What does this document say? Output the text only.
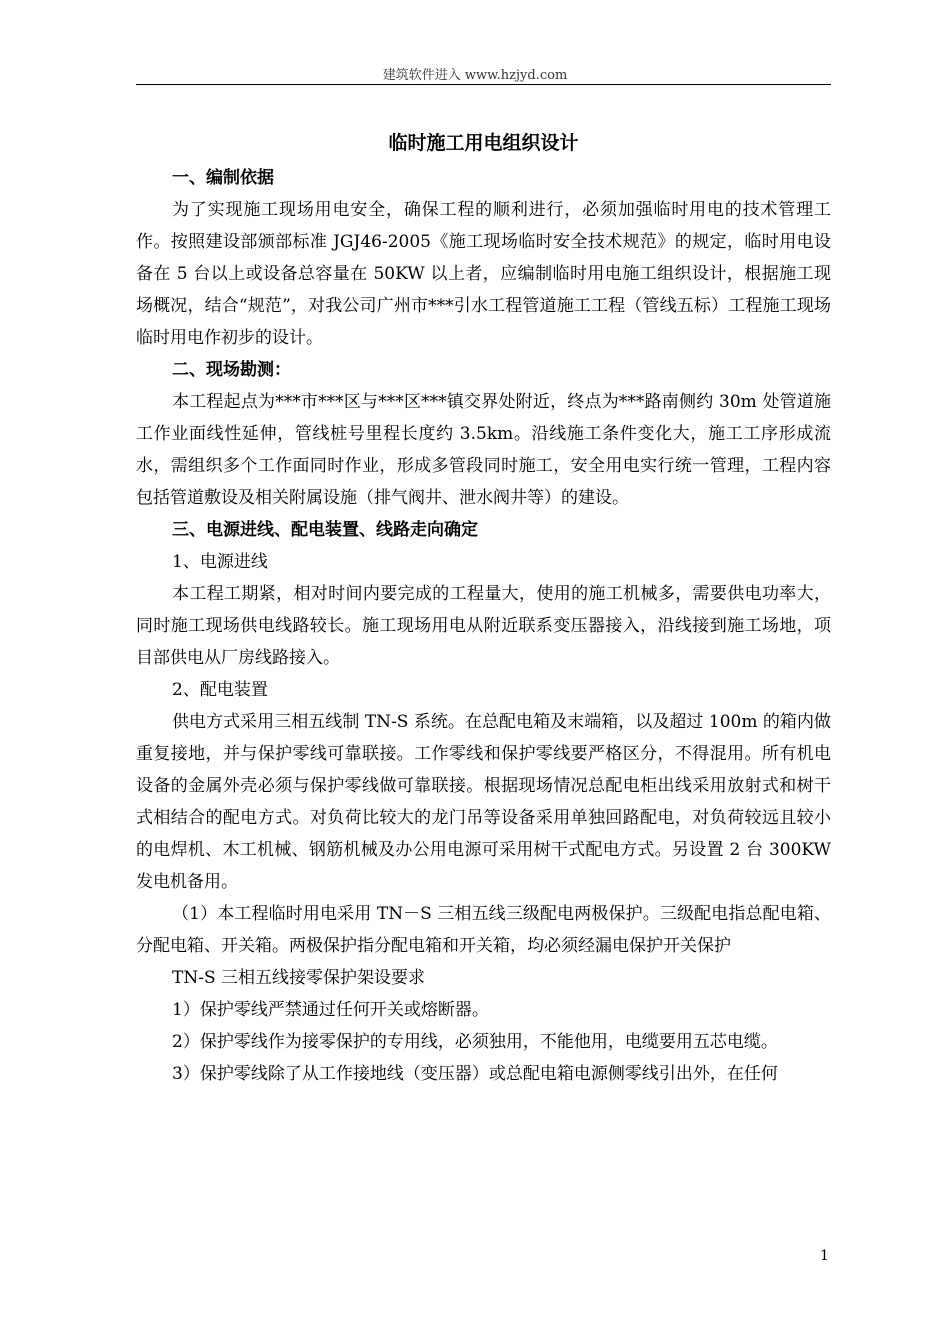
建筑软件进入 www.hzjyd.com

临时施工用电组织设计

一、编制依据

为了实现施工现场用电安全，确保工程的顺利进行，必须加强临时用电的技术管理工作。按照建设部颁部标准 JGJ46-2005《施工现场临时安全技术规范》的规定，临时用电设备在 5 台以上或设备总容量在 50KW 以上者，应编制临时用电施工组织设计，根据施工现场概况，结合“规范”，对我公司广州市***引水工程管道施工工程（管线五标）工程施工现场临时用电作初步的设计。

二、现场勘测：

本工程起点为***市***区与***区***镇交界处附近，终点为***路南侧约 30m 处管道施工作业面线性延伸，管线桩号里程长度约 3.5km。沿线施工条件变化大，施工工序形成流水，需组织多个工作面同时作业，形成多管段同时施工，安全用电实行统一管理，工程内容包括管道敷设及相关附属设施（排气阀井、泄水阀井等）的建设。

三、电源进线、配电装置、线路走向确定

1、电源进线

本工程工期紧，相对时间内要完成的工程量大，使用的施工机械多，需要供电功率大，同时施工现场供电线路较长。施工现场用电从附近联系变压器接入，沿线接到施工场地，项目部供电从厂房线路接入。

2、配电装置

供电方式采用三相五线制 TN-S 系统。在总配电箱及末端箱，以及超过 100m 的箱内做重复接地，并与保护零线可靠联接。工作零线和保护零线要严格区分，不得混用。所有机电设备的金属外壳必须与保护零线做可靠联接。根据现场情况总配电柜出线采用放射式和树干式相结合的配电方式。对负荷比较大的龙门吊等设备采用单独回路配电，对负荷较远且较小的电焊机、木工机械、钢筋机械及办公用电源可采用树干式配电方式。另设置 2 台 300KW 发电机备用。

（1）本工程临时用电采用 TN－S 三相五线三级配电两极保护。三级配电指总配电箱、分配电箱、开关箱。两极保护指分配电箱和开关箱，均必须经漏电保护开关保护

TN-S 三相五线接零保护架设要求

1）保护零线严禁通过任何开关或熔断器。

2）保护零线作为接零保护的专用线，必须独用，不能他用，电缆要用五芯电缆。

3）保护零线除了从工作接地线（变压器）或总配电箱电源侧零线引出外，在任何

1
